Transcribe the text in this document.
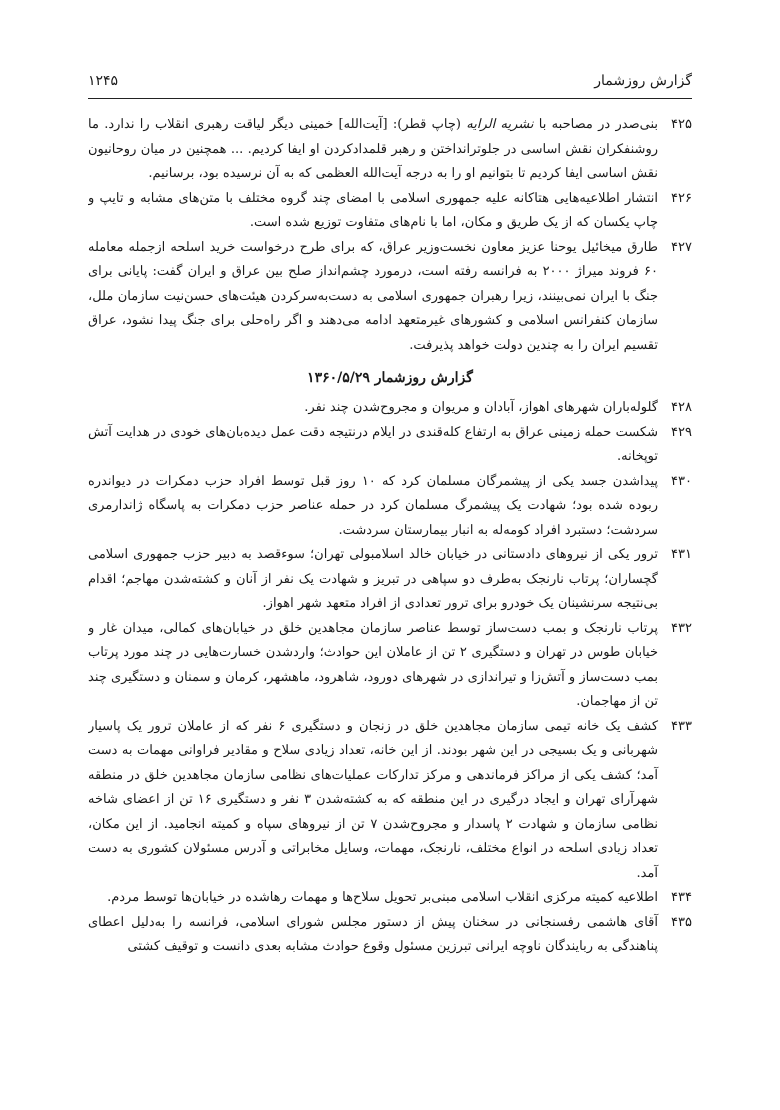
گزارش روزشمار
۱۲۴۵

۴۲۵
بنی‌صدر در مصاحبه با نشریه الرایه (چاپ قطر): [آیت‌الله] خمینی دیگر لیاقت رهبری انقلاب را ندارد. ما روشنفکران نقش اساسی در جلوتراندا‌ختن و رهبر قلمدادکردن او ایفا کردیم. ... همچنین در میان روحانیون نقش اساسی ایفا کردیم تا بتوانیم او را به درجه آیت‌الله العظمی که به آن نرسیده بود، برسانیم.

۴۲۶
انتشار اطلاعیه‌هایی هتاکانه علیه جمهوری اسلامی با امضای چند گروه مختلف با متن‌های مشابه و تایپ و چاپ یکسان که از یک طریق و مکان، اما با نام‌های متفاوت توزیع شده است.

۴۲۷
طارق میخائیل یوحنا عزیز معاون نخست‌وزیر عراق، که برای طرح درخواست خرید اسلحه ازجمله معامله ۶۰ فروند میراژ ۲۰۰۰ به فرانسه رفته است، درمورد چشم‌انداز صلح بین عراق و ایران گفت: پایانی برای جنگ با ایران نمی‌بینند، زیرا رهبران جمهوری اسلامی به دست‌به‌سرکردن هیئت‌های حسن‌نیت سازمان ملل، سازمان کنفرانس اسلامی و کشورهای غیرمتعهد ادامه می‌دهند و اگر راه‌حلی برای جنگ پیدا نشود، عراق تقسیم ایران را به چندین دولت خواهد پذیرفت.

گزارش روزشمار ۱۳۶۰/۵/۲۹

۴۲۸
گلوله‌باران شهرهای اهواز، آبادان و مریوان و مجروح‌شدن چند نفر.

۴۲۹
شکست حمله زمینی عراق به ارتفاع کله‌قندی در ایلام درنتیجه دقت عمل دیده‌بان‌های خودی در هدایت آتش توپخانه.

۴۳۰
پیداشدن جسد یکی از پیشمرگان مسلمان کرد که ۱۰ روز قبل توسط افراد حزب دمکرات در دیواندره ربوده شده بود؛ شهادت یک پیشمرگ مسلمان کرد در حمله عناصر حزب دمکرات به پاسگاه ژاندارمری سردشت؛ دستبرد افراد کومه‌له به انبار بیمارستان سردشت.

۴۳۱
ترور یکی از نیروهای دادستانی در خیابان خالد اسلامبولی تهران؛ سوءقصد به دبیر حزب جمهوری اسلامی گچساران؛ پرتاب نارنجک به‌طرف دو سپاهی در تبریز و شهادت یک نفر از آنان و کشته‌شدن مهاجم؛ اقدام بی‌نتیجه سرنشینان یک خودرو برای ترور تعدادی از افراد متعهد شهر اهواز.

۴۳۲
پرتاب نارنجک و بمب دست‌ساز توسط عناصر سازمان مجاهدین خلق در خیابان‌های کمالی، میدان غار و خیابان طوس در تهران و دستگیری ۲ تن از عاملان این حوادث؛ واردشدن خسارت‌هایی در چند مورد پرتاب بمب دست‌ساز و آتش‌زا و تیراندازی در شهرهای دورود، شاهرود، ماهشهر، کرمان و سمنان و دستگیری چند تن از مهاجمان.

۴۳۳
کشف یک خانه تیمی سازمان مجاهدین خلق در زنجان و دستگیری ۶ نفر که از عاملان ترور یک پاسیار شهربانی و یک بسیجی در این شهر بودند. از این خانه، تعداد زیادی سلاح و مقادیر فراوانی مهمات به دست آمد؛ کشف یکی از مراکز فرماندهی و مرکز تدارکات عملیات‌های نظامی سازمان مجاهدین خلق در منطقه شهرآرای تهران و ایجاد درگیری در این منطقه که به کشته‌شدن ۳ نفر و دستگیری ۱۶ تن از اعضای شاخه نظامی سازمان و شهادت ۲ پاسدار و مجروح‌شدن ۷ تن از نیروهای سپاه و کمیته انجامید. از این مکان، تعداد زیادی اسلحه در انواع مختلف، نارنجک، مهمات، وسایل مخابراتی و آدرس مسئولان کشوری به دست آمد.

۴۳۴
اطلاعیه کمیته مرکزی انقلاب اسلامی مبنی‌بر تحویل سلاح‌ها و مهمات رهاشده در خیابان‌ها توسط مردم.

۴۳۵
آقای هاشمی رفسنجانی در سخنان پیش از دستور مجلس شورای اسلامی، فرانسه را به‌دلیل اعطای پناهندگی به ربایندگان ناوچه ایرانی تبرزین مسئول وقوع حوادث مشابه بعدی دانست و توقیف کشتی
